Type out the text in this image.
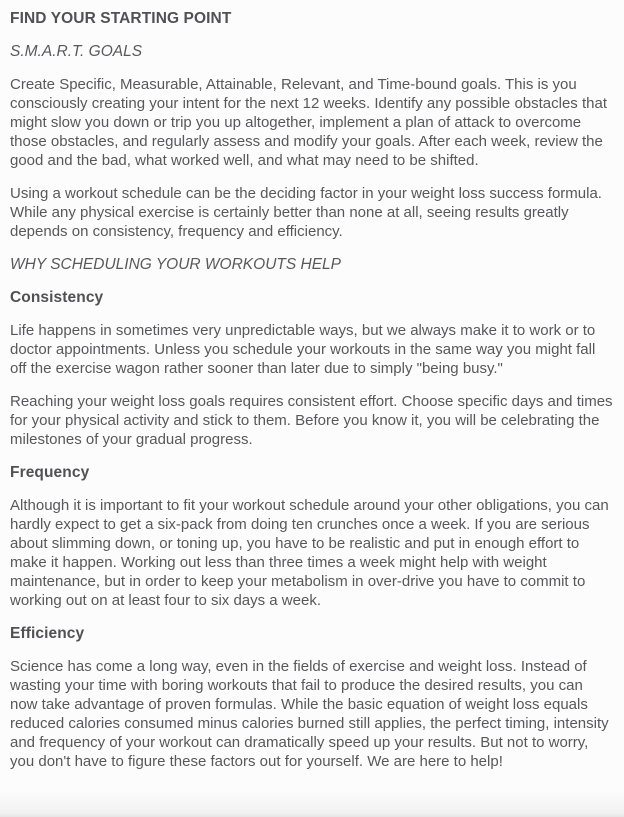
FIND YOUR STARTING POINT
S.M.A.R.T. GOALS

Create Specific, Measurable, Attainable, Relevant, and Time-bound goals. This is you consciously creating your intent for the next 12 weeks. Identify any possible obstacles that might slow you down or trip you up altogether, implement a plan of attack to overcome those obstacles, and regularly assess and modify your goals. After each week, review the good and the bad, what worked well, and what may need to be shifted.

Using a workout schedule can be the deciding factor in your weight loss success formula. While any physical exercise is certainly better than none at all, seeing results greatly depends on consistency, frequency and efficiency.

WHY SCHEDULING YOUR WORKOUTS HELP
Consistency

Life happens in sometimes very unpredictable ways, but we always make it to work or to doctor appointments. Unless you schedule your workouts in the same way you might fall off the exercise wagon rather sooner than later due to simply "being busy."

Reaching your weight loss goals requires consistent effort. Choose specific days and times for your physical activity and stick to them. Before you know it, you will be celebrating the milestones of your gradual progress.

Frequency

Although it is important to fit your workout schedule around your other obligations, you can hardly expect to get a six-pack from doing ten crunches once a week. If you are serious about slimming down, or toning up, you have to be realistic and put in enough effort to make it happen. Working out less than three times a week might help with weight maintenance, but in order to keep your metabolism in over-drive you have to commit to working out on at least four to six days a week.

Efficiency

Science has come a long way, even in the fields of exercise and weight loss. Instead of wasting your time with boring workouts that fail to produce the desired results, you can now take advantage of proven formulas. While the basic equation of weight loss equals reduced calories consumed minus calories burned still applies, the perfect timing, intensity and frequency of your workout can dramatically speed up your results. But not to worry, you don't have to figure these factors out for yourself. We are here to help!
